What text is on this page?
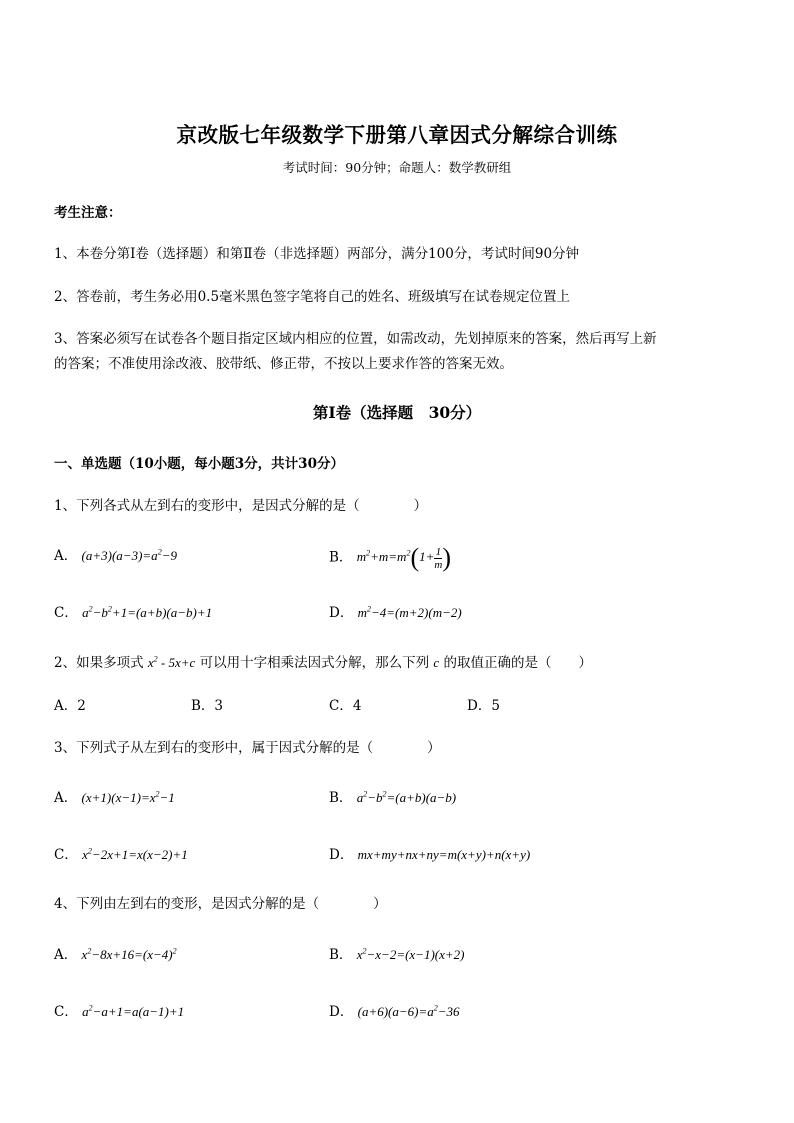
京改版七年级数学下册第八章因式分解综合训练
考试时间：90分钟；命题人：数学教研组
考生注意：
1、本卷分第Ⅰ卷（选择题）和第Ⅱ卷（非选择题）两部分，满分100分，考试时间90分钟
2、答卷前，考生务必用0.5毫米黑色签字笔将自己的姓名、班级填写在试卷规定位置上
3、答案必须写在试卷各个题目指定区域内相应的位置，如需改动，先划掉原来的答案，然后再写上新
的答案；不准使用涂改液、胶带纸、修正带，不按以上要求作答的答案无效。
第Ⅰ卷（选择题　30分）
一、单选题（10小题，每小题3分，共计30分）
1、下列各式从左到右的变形中，是因式分解的是（　　　　）
A． $(a+3)(a-3)=a^2-9$	B． $m^2+m=m^2(1+ \frac{1}{m}$ )
C． $a^2-b^2+1=(a+b)(a-b)+1$	D． $m^2-4=(m+2)(m-2)$
2、如果多项式 $x^2 - 5x+c$ 可以用十字相乘法因式分解，那么下列 c 的取值正确的是（　　）
A．2	B．3	C．4	D．5
3、下列式子从左到右的变形中，属于因式分解的是（　　　　）
A． $(x+1)(x-1)=x^2-1$	B． $a^2-b^2=(a+b)(a-b)$
C． $x^2-2x+1=x(x-2)+1$	D． mx+my+nx+ny=m(x+y)+n(x+y)
4、下列由左到右的变形，是因式分解的是（　　　　）
A． $x^2-8x+16=(x-4)^2$	B． $x^2-x-2=(x-1)(x+2)$
C． $a^2-a+1=a(a-1)+1$	D． $(a+6)(a-6)=a^2-36$
